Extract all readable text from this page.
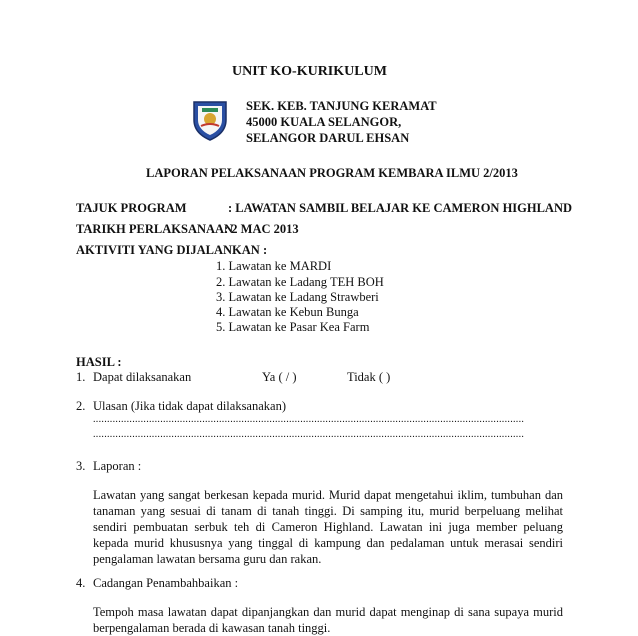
UNIT KO-KURIKULUM
SEK. KEB. TANJUNG KERAMAT
45000 KUALA SELANGOR,
SELANGOR DARUL EHSAN
LAPORAN PELAKSANAAN PROGRAM KEMBARA ILMU 2/2013
TAJUK PROGRAM	: LAWATAN SAMBIL BELAJAR KE CAMERON HIGHLAND
TARIKH PERLAKSANAAN
: 2 MAC 2013
AKTIVITI YANG DIJALANKAN :
1. Lawatan ke MARDI
2. Lawatan ke Ladang TEH BOH
3. Lawatan ke Ladang Strawberi
4. Lawatan ke Kebun Bunga
5. Lawatan ke Pasar Kea Farm
HASIL :
1. Dapat dilaksanakan	Ya ( / )	Tidak ( )
2. Ulasan (Jika tidak dapat dilaksanakan)
..........................................................................................................................................................
..........................................................................................................................................................
3. Laporan :
Lawatan yang sangat berkesan kepada murid. Murid dapat mengetahui iklim, tumbuhan dan tanaman yang sesuai di tanam di tanah tinggi. Di samping itu, murid berpeluang melihat sendiri pembuatan serbuk teh di Cameron Highland. Lawatan ini juga member peluang kepada murid khususnya yang tinggal di kampung dan pedalaman untuk merasai sendiri pengalaman lawatan bersama guru dan rakan.
4. Cadangan Penambahbaikan :
Tempoh masa lawatan dapat dipanjangkan dan murid dapat menginap di sana supaya murid berpengalaman berada di kawasan tanah tinggi.
